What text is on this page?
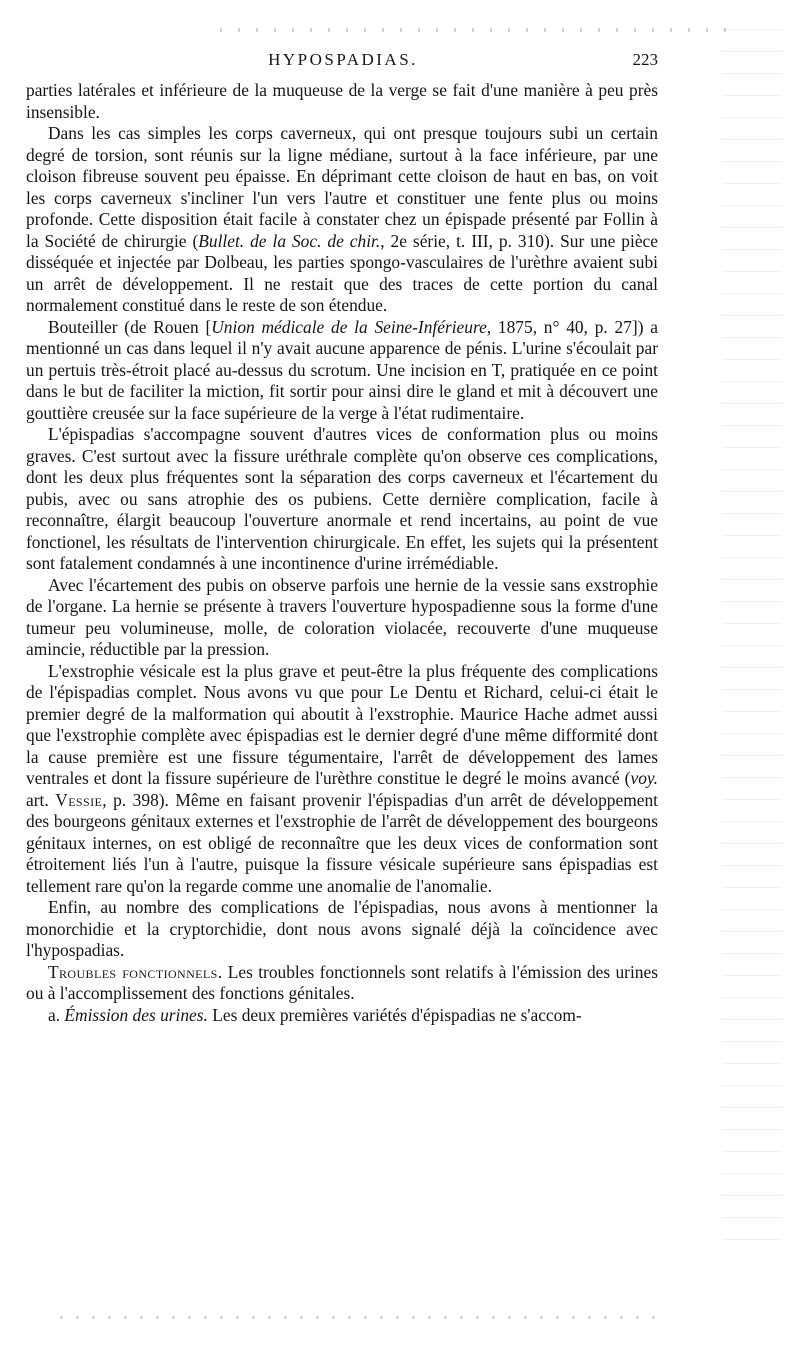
HYPOSPADIAS.	223

parties latérales et inférieure de la muqueuse de la verge se fait d'une manière à peu près insensible.

Dans les cas simples les corps caverneux, qui ont presque toujours subi un certain degré de torsion, sont réunis sur la ligne médiane, surtout à la face inférieure, par une cloison fibreuse souvent peu épaisse. En déprimant cette cloison de haut en bas, on voit les corps caverneux s'incliner l'un vers l'autre et constituer une fente plus ou moins profonde. Cette disposition était facile à constater chez un épispade présenté par Follin à la Société de chirurgie (Bullet. de la Soc. de chir., 2e série, t. III, p. 310). Sur une pièce disséquée et injectée par Dolbeau, les parties spongo-vasculaires de l'urèthre avaient subi un arrêt de développement. Il ne restait que des traces de cette portion du canal normalement constitué dans le reste de son étendue.

Bouteiller (de Rouen [Union médicale de la Seine-Inférieure, 1875, n° 40, p. 27]) a mentionné un cas dans lequel il n'y avait aucune apparence de pénis. L'urine s'écoulait par un pertuis très-étroit placé au-dessus du scrotum. Une incision en T, pratiquée en ce point dans le but de faciliter la miction, fit sortir pour ainsi dire le gland et mit à découvert une gouttière creusée sur la face supérieure de la verge à l'état rudimentaire.

L'épispadias s'accompagne souvent d'autres vices de conformation plus ou moins graves. C'est surtout avec la fissure uréthrale complète qu'on observe ces complications, dont les deux plus fréquentes sont la séparation des corps caverneux et l'écartement du pubis, avec ou sans atrophie des os pubiens. Cette dernière complication, facile à reconnaître, élargit beaucoup l'ouverture anormale et rend incertains, au point de vue fonctionel, les résultats de l'intervention chirurgicale. En effet, les sujets qui la présentent sont fatalement condamnés à une incontinence d'urine irrémédiable.

Avec l'écartement des pubis on observe parfois une hernie de la vessie sans exstrophie de l'organe. La hernie se présente à travers l'ouverture hypospadienne sous la forme d'une tumeur peu volumineuse, molle, de coloration violacée, recouverte d'une muqueuse amincie, réductible par la pression.

L'exstrophie vésicale est la plus grave et peut-être la plus fréquente des complications de l'épispadias complet. Nous avons vu que pour Le Dentu et Richard, celui-ci était le premier degré de la malformation qui aboutit à l'exstrophie. Maurice Hache admet aussi que l'exstrophie complète avec épispadias est le dernier degré d'une même difformité dont la cause première est une fissure tégumentaire, l'arrêt de développement des lames ventrales et dont la fissure supérieure de l'urèthre constitue le degré le moins avancé (voy. art. Vessie, p. 398). Même en faisant provenir l'épispadias d'un arrêt de développement des bourgeons génitaux externes et l'exstrophie de l'arrêt de développement des bourgeons génitaux internes, on est obligé de reconnaître que les deux vices de conformation sont étroitement liés l'un à l'autre, puisque la fissure vésicale supérieure sans épispadias est tellement rare qu'on la regarde comme une anomalie de l'anomalie.

Enfin, au nombre des complications de l'épispadias, nous avons à mentionner la monorchidie et la cryptorchidie, dont nous avons signalé déjà la coïncidence avec l'hypospadias.

Troubles fonctionnels. Les troubles fonctionnels sont relatifs à l'émission des urines ou à l'accomplissement des fonctions génitales.

a. Émission des urines. Les deux premières variétés d'épispadias ne s'accom-
